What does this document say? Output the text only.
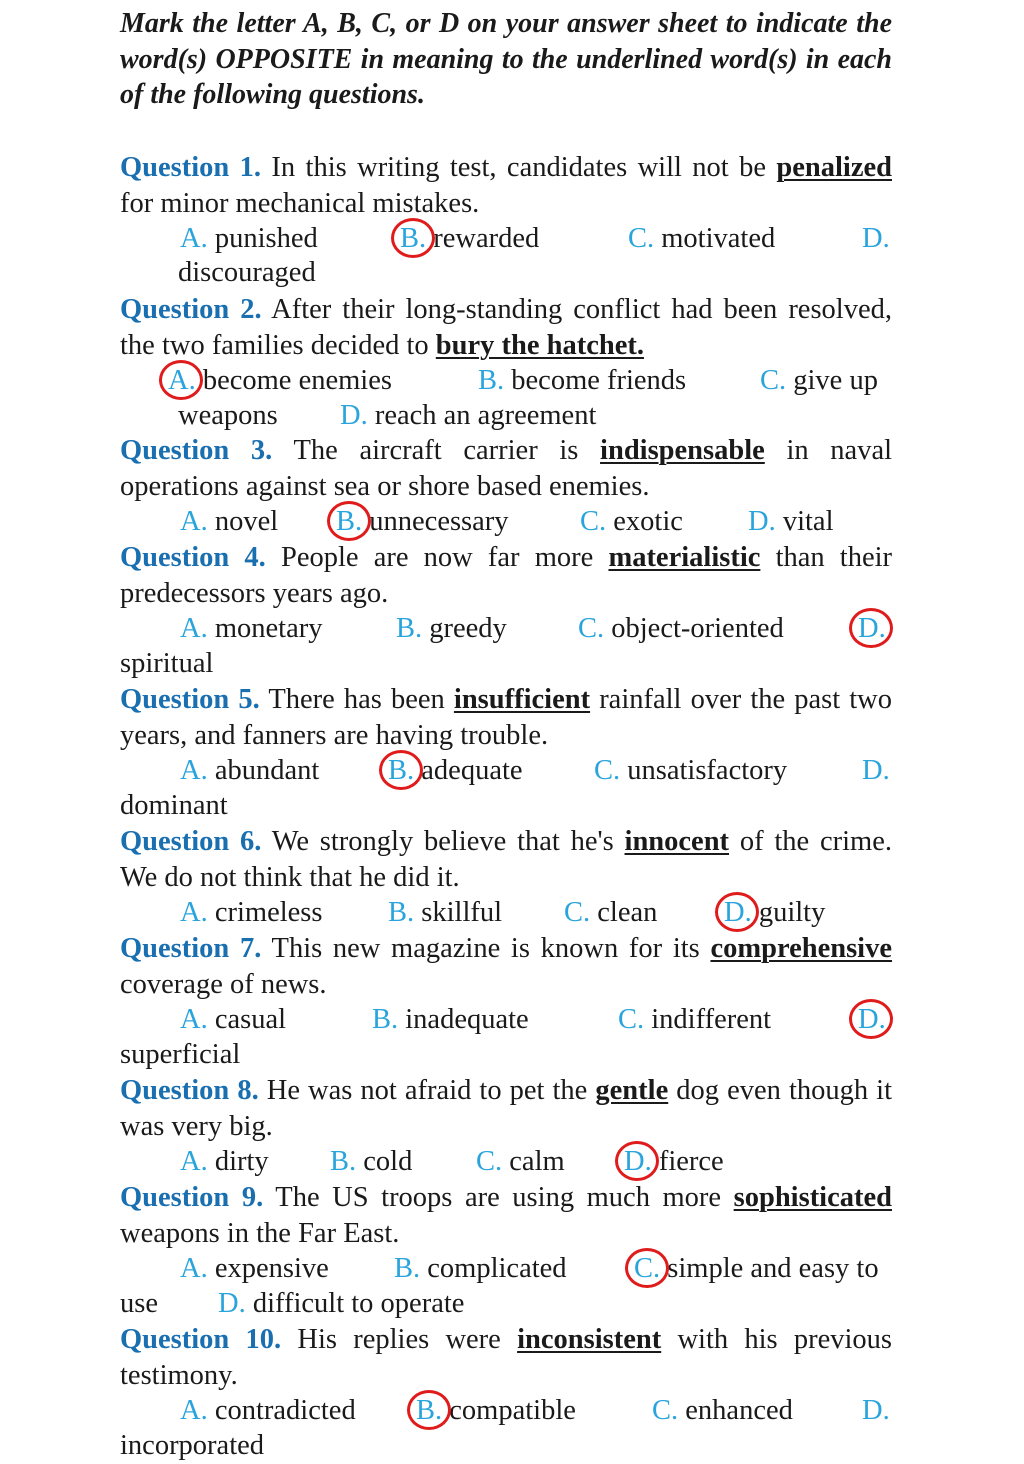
Mark the letter A, B, C, or D on your answer sheet to indicate the word(s) OPPOSITE in meaning to the underlined word(s) in each of the following questions.
Question 1. In this writing test, candidates will not be penalized for minor mechanical mistakes.
discouraged
A. punished	B. rewarded	C. motivated	D.
Question 2. After their long-standing conflict had been resolved, the two families decided to bury the hatchet.
weapons
A. become enemies	B. become friends	C. give up
D. reach an agreement
Question 3. The aircraft carrier is indispensable in naval operations against sea or shore based enemies.
A. novel B. unnecessary	C. exotic D. vital
Question 4. People are now far more materialistic than their predecessors years ago.
spiritual
A. monetary	B. greedy C. object-oriented	D.
Question 5. There has been insufficient rainfall over the past two years, and fanners are having trouble.
dominant
A. abundant B. adequate	C. unsatisfactory	D.
Question 6. We strongly believe that he's innocent of the crime. We do not think that he did it.
A. crimeless B. skillful C. clean D. guilty
Question 7. This new magazine is known for its comprehensive coverage of news.
superficial
A. casual	B. inadequate	C. indifferent	D.
Question 8. He was not afraid to pet the gentle dog even though it was very big.
A. dirty B. cold C. calm D. fierce
Question 9. The US troops are using much more sophisticated weapons in the Far East.
use
A. expensive B. complicated C. simple and easy to
D. difficult to operate
Question 10. His replies were inconsistent with his previous testimony.
incorporated
A. contradicted B. compatible	C. enhanced D.
